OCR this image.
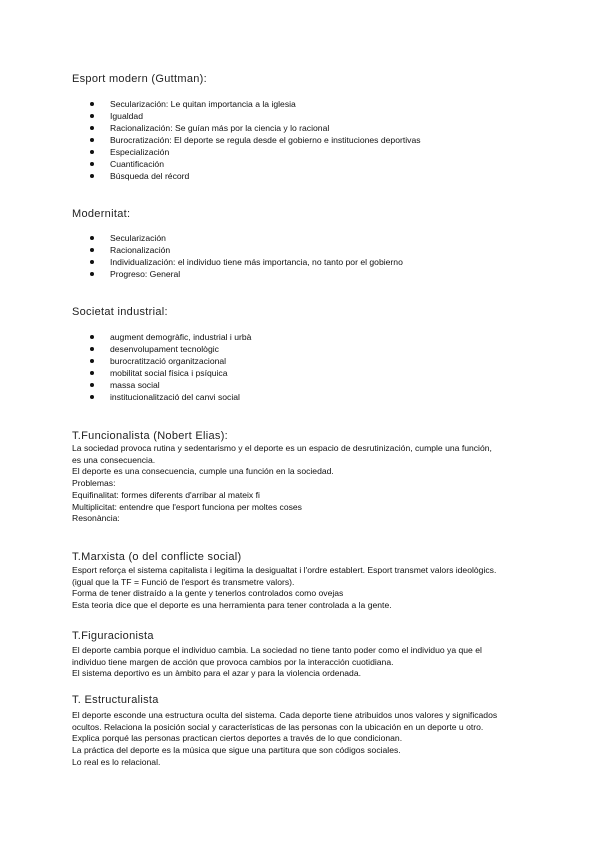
Esport modern (Guttman):
Secularización: Le quitan importancia a la iglesia
Igualdad
Racionalización: Se guían más por la ciencia y lo racional
Burocratización: El deporte se regula desde el gobierno e instituciones deportivas
Especialización
Cuantificación
Búsqueda del récord
Modernitat:
Secularización
Racionalización
Individualización: el individuo tiene más importancia, no tanto por el gobierno
Progreso: General
Societat industrial:
augment demogràfic, industrial i urbà
desenvolupament tecnològic
burocratització organitzacional
mobilitat social física i psíquica
massa social
institucionalització del canvi social
T.Funcionalista (Nobert Elias):
La sociedad provoca rutina y sedentarismo y el deporte es un espacio de desrutinización, cumple una función,
es una consecuencia.
El deporte es una consecuencia, cumple una función en la sociedad.
Problemas:
Equifinalitat: formes diferents d'arribar al mateix fi
Multiplicitat: entendre que l'esport funciona per moltes coses
Resonància:
T.Marxista (o del conflicte social)
Esport reforça el sistema capitalista i legitima la desigualtat i l'ordre establert. Esport transmet valors ideològics.
(igual que la TF = Funció de l'esport és transmetre valors).
Forma de tener distraído a la gente y tenerlos controlados como ovejas
Esta teoria dice que el deporte es una herramienta para tener controlada a la gente.
T.Figuracionista
El deporte cambia porque el individuo cambia. La sociedad no tiene tanto poder como el individuo ya que el
individuo tiene margen de acción que provoca cambios por la interacción cuotidiana.
El sistema deportivo es un àmbito para el azar y para la violencia ordenada.
T. Estructuralista
El deporte esconde una estructura oculta del sistema. Cada deporte tiene atribuidos unos valores y significados
ocultos. Relaciona la posición social y características de las personas con la ubicación en un deporte u otro.
Explica porqué las personas practican ciertos deportes a través de lo que condicionan.
La práctica del deporte es la música que sigue una partitura que son códigos sociales.
Lo real es lo relacional.
